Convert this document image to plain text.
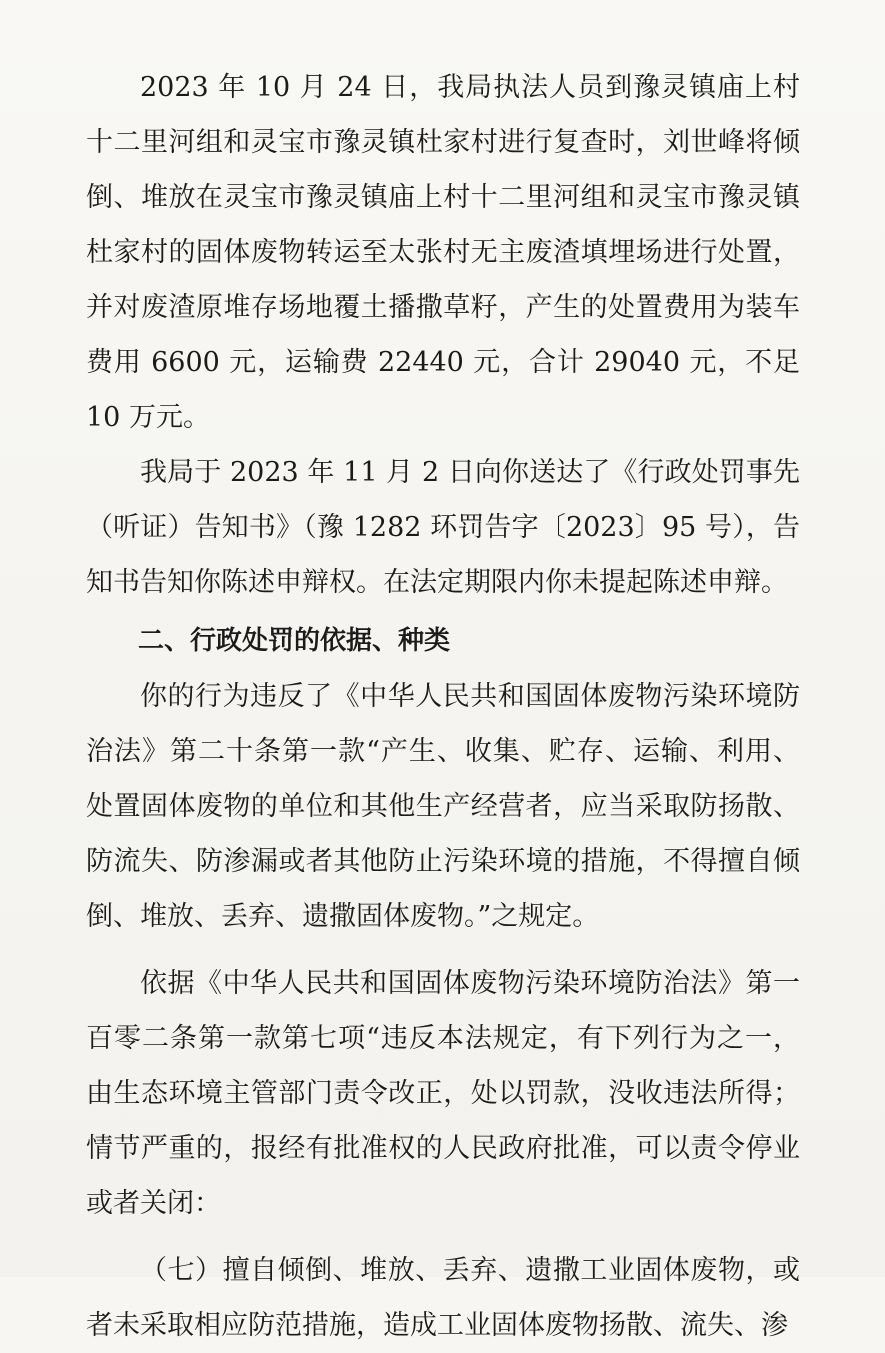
2023 年 10 月 24 日，我局执法人员到豫灵镇庙上村十二里河组和灵宝市豫灵镇杜家村进行复查时，刘世峰将倾倒、堆放在灵宝市豫灵镇庙上村十二里河组和灵宝市豫灵镇杜家村的固体废物转运至太张村无主废渣填埋场进行处置，并对废渣原堆存场地覆土播撒草籽，产生的处置费用为装车费用 6600 元，运输费 22440 元，合计 29040 元，不足 10 万元。

我局于 2023 年 11 月 2 日向你送达了《行政处罚事先（听证）告知书》（豫 1282 环罚告字〔2023〕95 号），告知书告知你陈述申辩权。在法定期限内你未提起陈述申辩。

二、行政处罚的依据、种类

你的行为违反了《中华人民共和国固体废物污染环境防治法》第二十条第一款“产生、收集、贮存、运输、利用、处置固体废物的单位和其他生产经营者，应当采取防扬散、防流失、防渗漏或者其他防止污染环境的措施，不得擅自倾倒、堆放、丢弃、遗撒固体废物。”之规定。

依据《中华人民共和国固体废物污染环境防治法》第一百零二条第一款第七项“违反本法规定，有下列行为之一，由生态环境主管部门责令改正，处以罚款，没收违法所得；情节严重的，报经有批准权的人民政府批准，可以责令停业或者关闭：

（七）擅自倾倒、堆放、丢弃、遗撒工业固体废物，或者未采取相应防范措施，造成工业固体废物扬散、流失、渗
